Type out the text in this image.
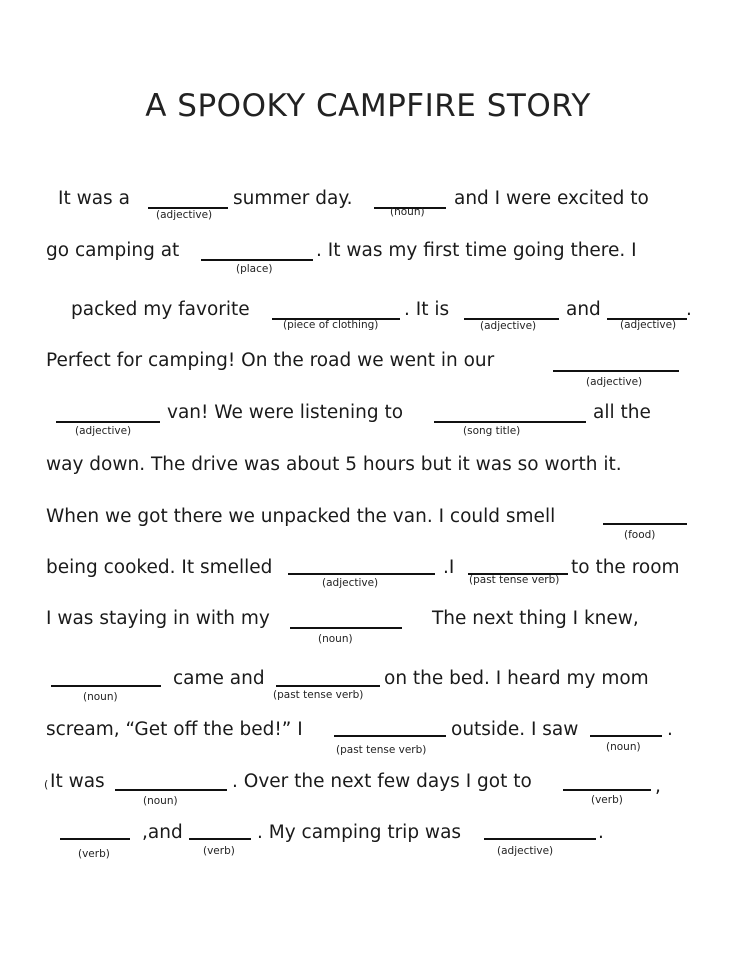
A SPOOKY CAMPFIRE STORY
It was a
(adjective)
summer day.
(noun)
and I were excited to
go camping at
(place)
. It was my first time going there. I
packed my favorite
(piece of clothing)
. It is
(adjective)
and
(adjective)
.
Perfect for camping! On the road we went in our
(adjective)
(adjective)
van! We were listening to
(song title)
all the
way down. The drive was about 5 hours but it was so worth it.
When we got there we unpacked the van. I could smell
(food)
being cooked. It smelled
(adjective)
.I
(past tense verb)
to the room
I was staying in with my
(noun)
The next thing I knew,
(noun)
came and
(past tense verb)
on the bed. I heard my mom
scream, “Get off the bed!” I
(past tense verb)
outside. I saw
(noun)
.
( It was
(noun)
. Over the next few days I got to
(verb)
,
(verb)
,and
(verb)
. My camping trip was
(adjective)
.
